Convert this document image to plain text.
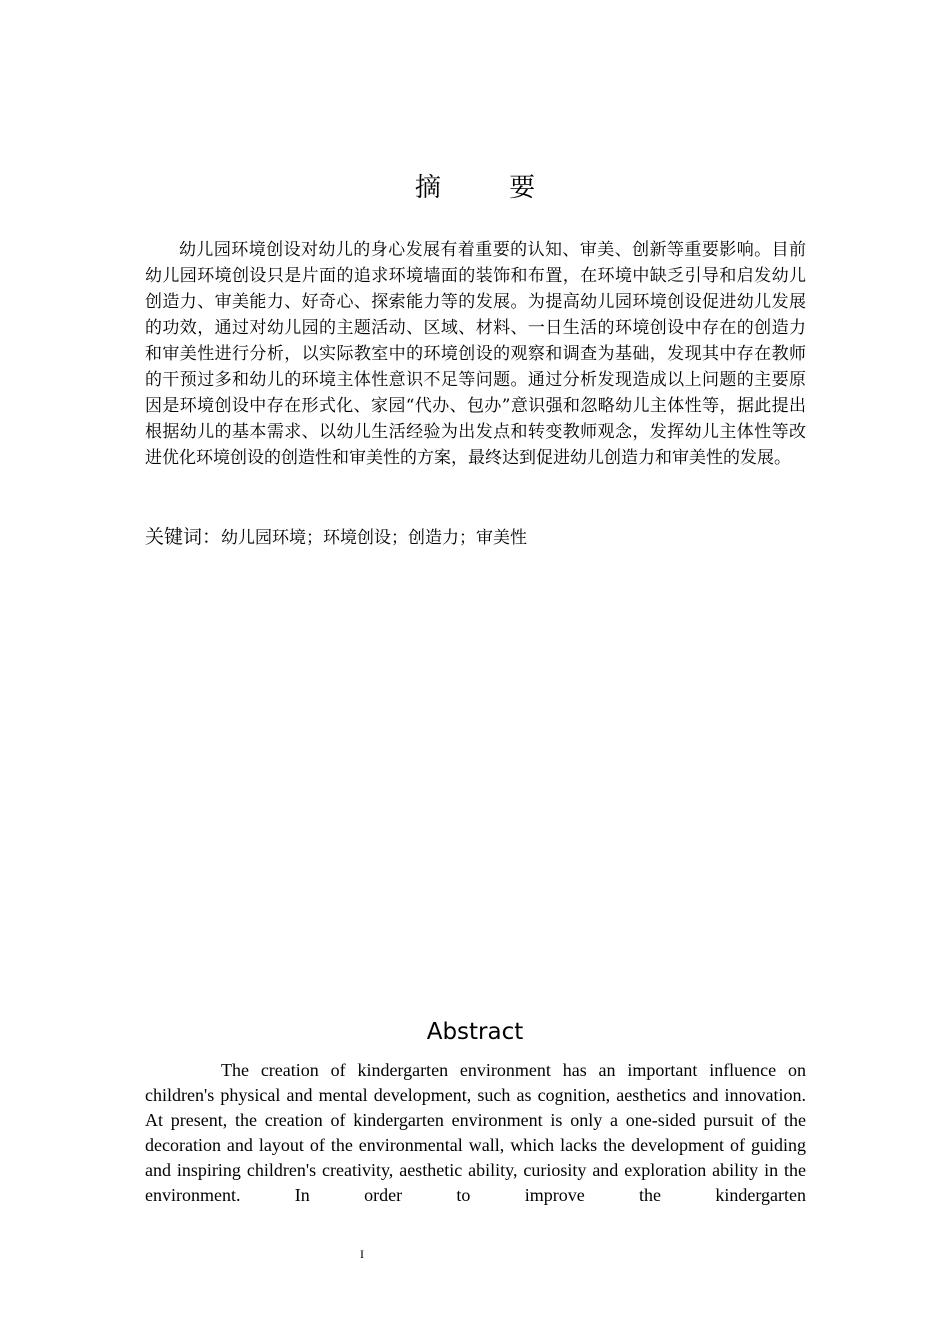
摘 要

幼儿园环境创设对幼儿的身心发展有着重要的认知、审美、创新等重要影响。目前幼儿园环境创设只是片面的追求环境墙面的装饰和布置，在环境中缺乏引导和启发幼儿创造力、审美能力、好奇心、探索能力等的发展。为提高幼儿园环境创设促进幼儿发展的功效，通过对幼儿园的主题活动、区域、材料、一日生活的环境创设中存在的创造力和审美性进行分析，以实际教室中的环境创设的观察和调查为基础，发现其中存在教师的干预过多和幼儿的环境主体性意识不足等问题。通过分析发现造成以上问题的主要原因是环境创设中存在形式化、家园“代办、包办”意识强和忽略幼儿主体性等，据此提出根据幼儿的基本需求、以幼儿生活经验为出发点和转变教师观念，发挥幼儿主体性等改进优化环境创设的创造性和审美性的方案，最终达到促进幼儿创造力和审美性的发展。

关键词：幼儿园环境；环境创设；创造力；审美性

Abstract

The creation of kindergarten environment has an important influence on children's physical and mental development, such as cognition, aesthetics and innovation. At present, the creation of kindergarten environment is only a one-sided pursuit of the decoration and layout of the environmental wall, which lacks the development of guiding and inspiring children's creativity, aesthetic ability, curiosity and exploration ability in the environment. In order to improve the kindergarten

I
